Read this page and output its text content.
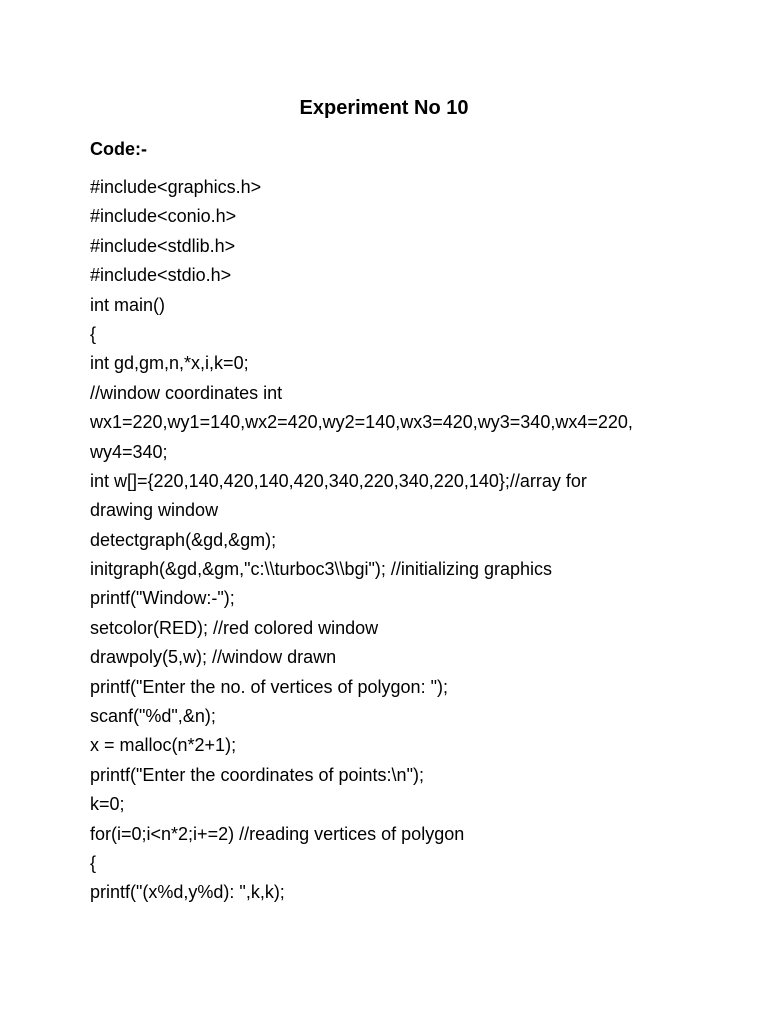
Experiment No 10
Code:-
#include<graphics.h>
#include<conio.h>
#include<stdlib.h>
#include<stdio.h>
int main()
{
int gd,gm,n,*x,i,k=0;
//window coordinates int
wx1=220,wy1=140,wx2=420,wy2=140,wx3=420,wy3=340,wx4=220,
wy4=340;
int w[]={220,140,420,140,420,340,220,340,220,140};//array for
drawing window
detectgraph(&gd,&gm);
initgraph(&gd,&gm,"c:\\turboc3\\bgi"); //initializing graphics
printf("Window:-");
setcolor(RED); //red colored window
drawpoly(5,w); //window drawn
printf("Enter the no. of vertices of polygon: ");
scanf("%d",&n);
x = malloc(n*2+1);
printf("Enter the coordinates of points:\n");
k=0;
for(i=0;i<n*2;i+=2) //reading vertices of polygon
{
printf("(x%d,y%d): ",k,k);
